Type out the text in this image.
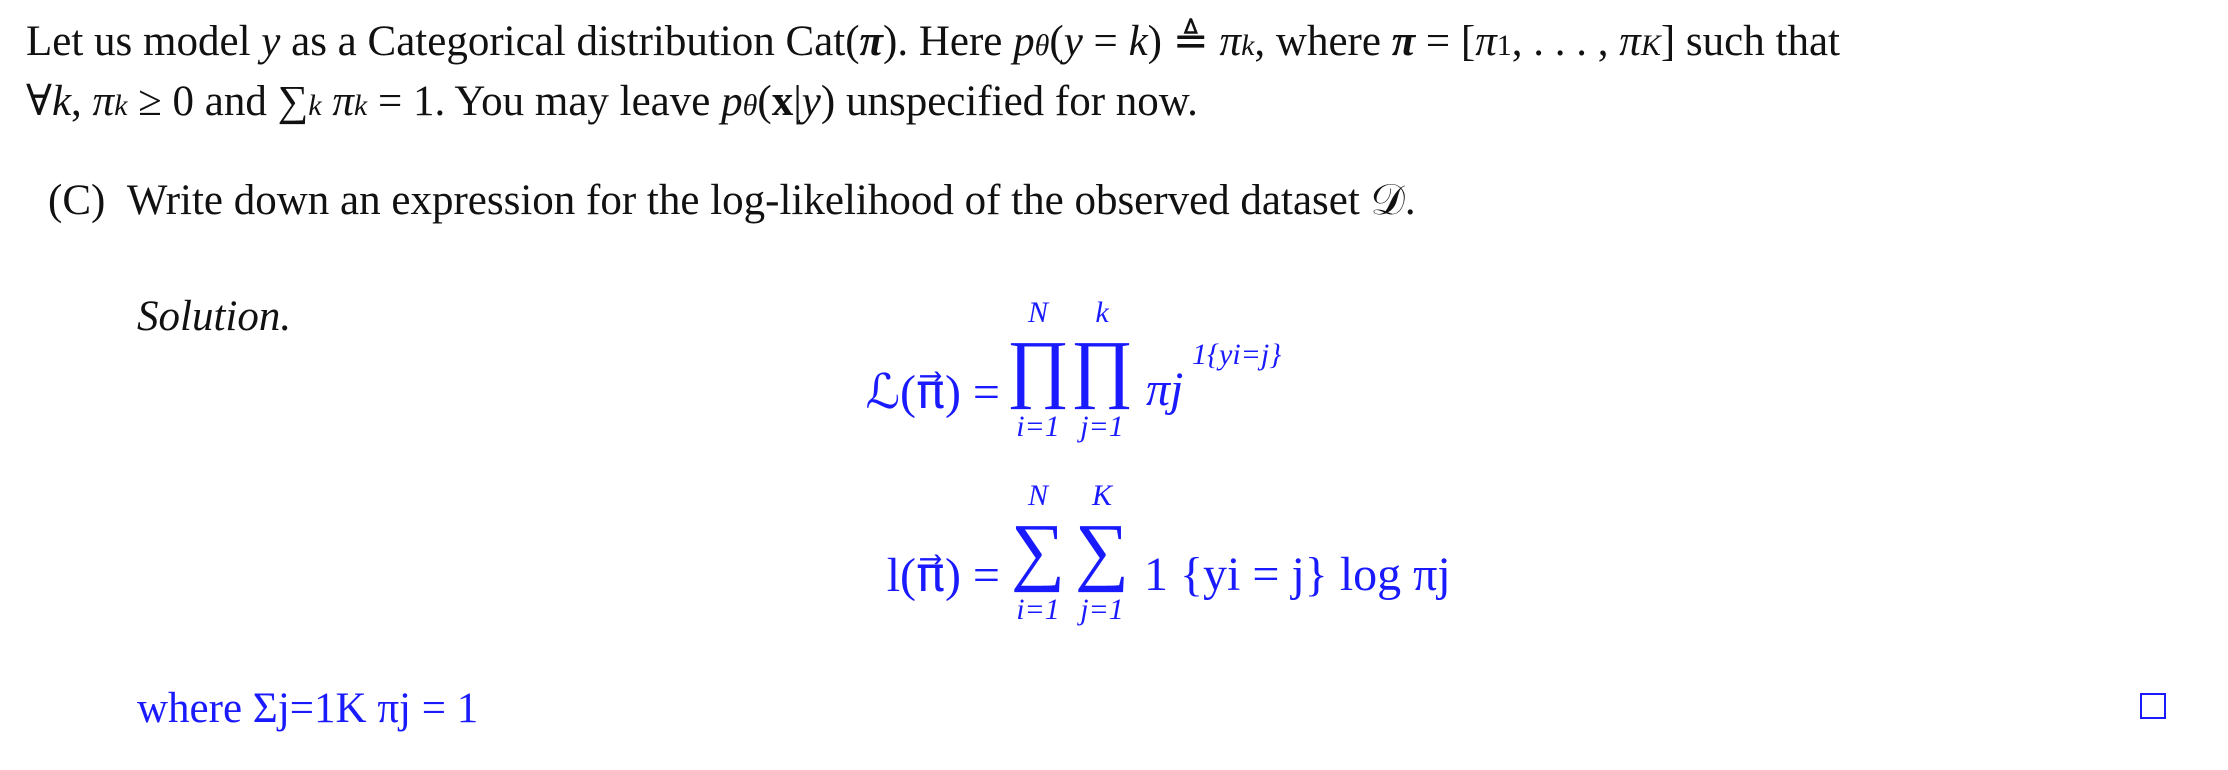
Let us model y as a Categorical distribution Cat(π). Here pθ(y = k) ≜ πk, where π = [π1, . . . , πK] such that
∀k, πk ≥ 0 and ∑k πk = 1. You may leave pθ(x|y) unspecified for now.
(C) Write down an expression for the log-likelihood of the observed dataset 𝒟.
Solution.
ℒ(π⃗) =
N
∏
i=1
k
∏
j=1
πj
1{yi=j}
l(π⃗) =
N
∑
i=1
K
∑
j=1
1 {yi = j} log πj
where Σj=1K πj = 1
